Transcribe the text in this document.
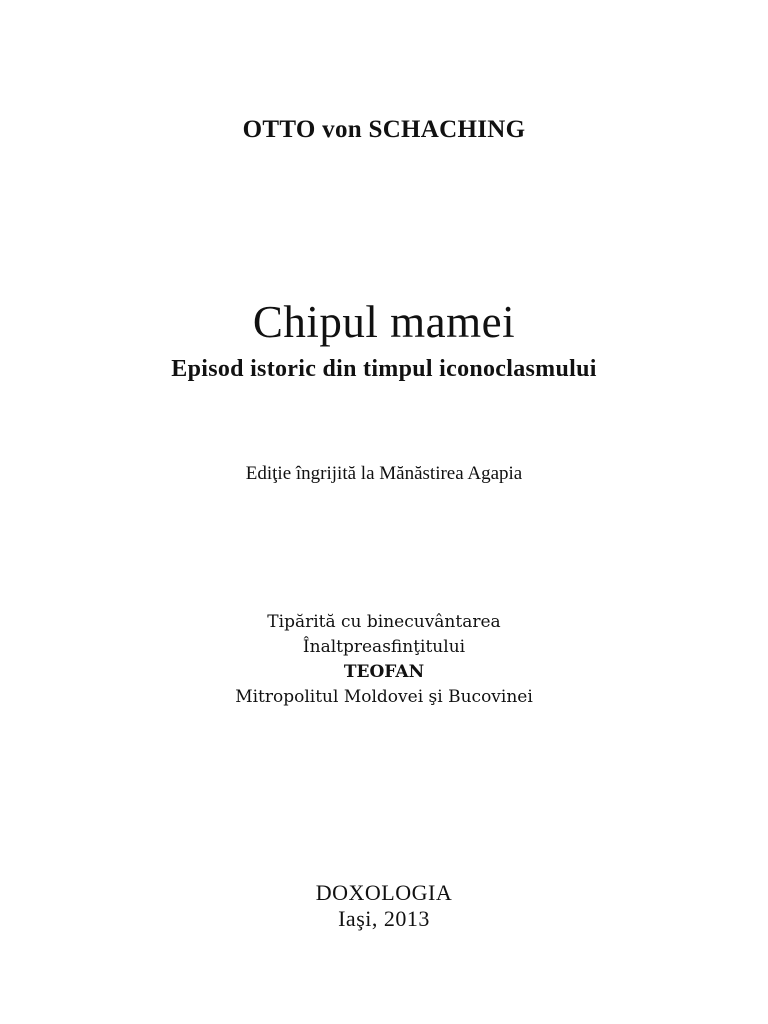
OTTO von SCHACHING
Chipul mamei
Episod istoric din timpul iconoclasmului
Ediţie îngrijită la Mănăstirea Agapia
Tipărită cu binecuvântarea
Înaltpreasfinţitului
TEOFAN
Mitropolitul Moldovei şi Bucovinei
DOXOLOGIA
Iaşi, 2013
